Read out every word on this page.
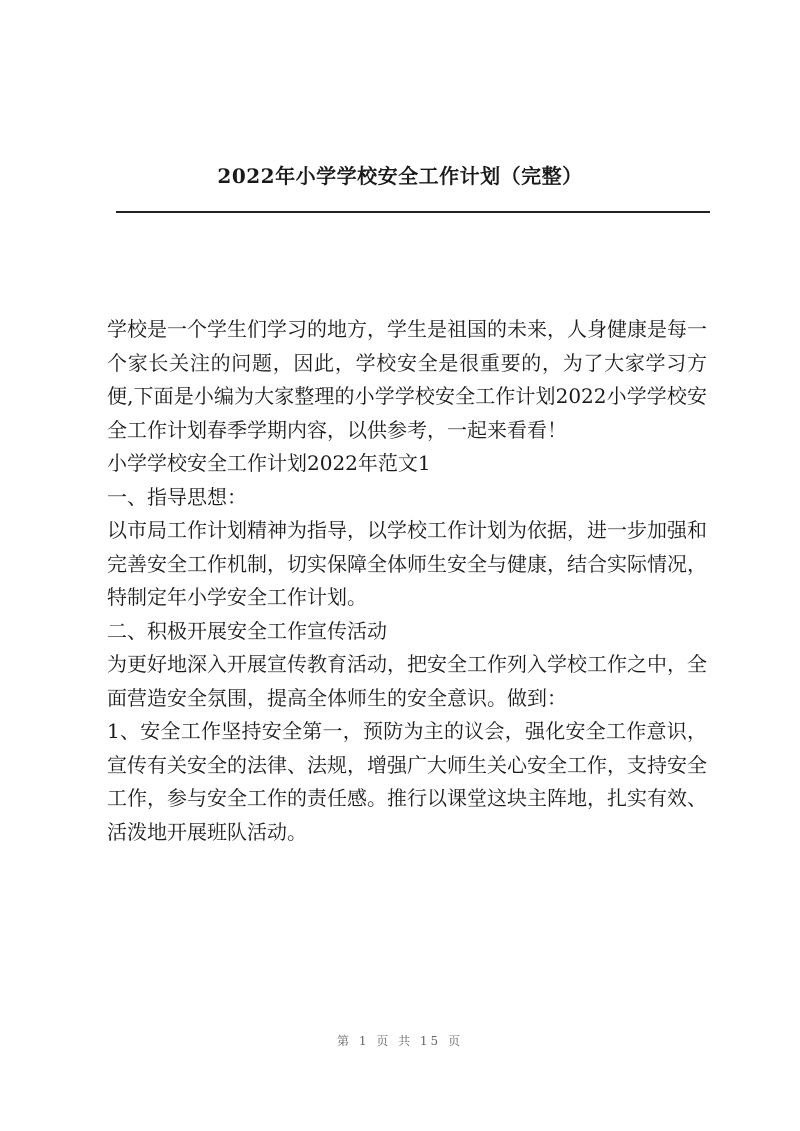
2022年小学学校安全工作计划（完整）

学校是一个学生们学习的地方，学生是祖国的未来，人身健康是每一个家长关注的问题，因此，学校安全是很重要的，为了大家学习方便,下面是小编为大家整理的小学学校安全工作计划2022小学学校安全工作计划春季学期内容，以供参考，一起来看看！

小学学校安全工作计划2022年范文1

一、指导思想：

以市局工作计划精神为指导，以学校工作计划为依据，进一步加强和完善安全工作机制，切实保障全体师生安全与健康，结合实际情况，特制定年小学安全工作计划。

二、积极开展安全工作宣传活动

为更好地深入开展宣传教育活动，把安全工作列入学校工作之中，全面营造安全氛围，提高全体师生的安全意识。做到：

1、安全工作坚持安全第一，预防为主的议会，强化安全工作意识，宣传有关安全的法律、法规，增强广大师生关心安全工作，支持安全工作，参与安全工作的责任感。推行以课堂这块主阵地，扎实有效、活泼地开展班队活动。

第 1 页 共 15 页
